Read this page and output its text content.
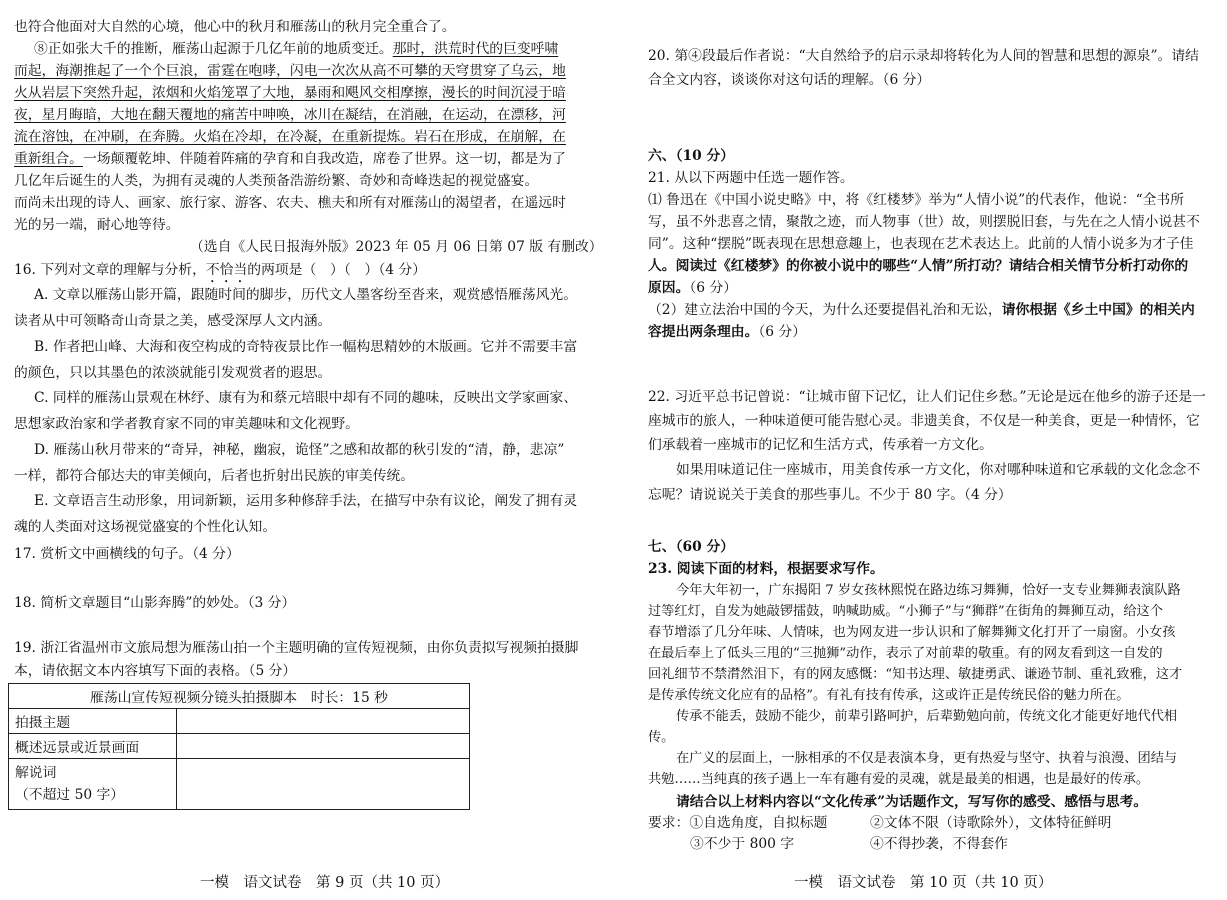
也符合他面对大自然的心境，他心中的秋月和雁荡山的秋月完全重合了。
⑧正如张大千的推断，雁荡山起源于几亿年前的地质变迁。那时，洪荒时代的巨变呼啸
而起，海潮推起了一个个巨浪，雷霆在咆哮，闪电一次次从高不可攀的天穹贯穿了乌云，地
火从岩层下突然升起，浓烟和火焰笼罩了大地，暴雨和飓风交相摩擦，漫长的时间沉浸于暗
夜，星月晦暗，大地在翻天覆地的痛苦中呻唤，冰川在凝结，在消融，在运动，在漂移，河
流在溶蚀，在冲刷，在奔腾。火焰在冷却，在冷凝，在重新提炼。岩石在形成，在崩解，在
重新组合。一场颠覆乾坤、伴随着阵痛的孕育和自我改造，席卷了世界。这一切，都是为了
几亿年后诞生的人类，为拥有灵魂的人类预备浩游纷繁、奇妙和奇峰迭起的视觉盛宴。
而尚未出现的诗人、画家、旅行家、游客、农夫、樵夫和所有对雁荡山的渴望者，在遥远时
光的另一端，耐心地等待。
（选自《人民日报海外版》2023 年 05 月 06 日第 07 版 有删改）
16. 下列对文章的理解与分析，不恰当的两项是（　）（　）（4 分）
A. 文章以雁荡山影开篇，跟随时间的脚步，历代文人墨客纷至沓来，观赏感悟雁荡风光。
读者从中可领略奇山奇景之美，感受深厚人文内涵。
B. 作者把山峰、大海和夜空构成的奇特夜景比作一幅构思精妙的木版画。它并不需要丰富
的颜色，只以其墨色的浓淡就能引发观赏者的遐思。
C. 同样的雁荡山景观在林纾、康有为和蔡元培眼中却有不同的趣味，反映出文学家画家、
思想家政治家和学者教育家不同的审美趣味和文化视野。
D. 雁荡山秋月带来的“奇异，神秘，幽寂，诡怪”之感和故都的秋引发的“清，静，悲凉”
一样，都符合郁达夫的审美倾向，后者也折射出民族的审美传统。
E. 文章语言生动形象，用词新颖，运用多种修辞手法，在描写中杂有议论，阐发了拥有灵
魂的人类面对这场视觉盛宴的个性化认知。
17. 赏析文中画横线的句子。（4 分）
18. 简析文章题目“山影奔腾”的妙处。（3 分）
19. 浙江省温州市文旅局想为雁荡山拍一个主题明确的宣传短视频，由你负责拟写视频拍摄脚
本，请依据文本内容填写下面的表格。（5 分）
雁荡山宣传短视频分镜头拍摄脚本　时长：15 秒	
拍摄主题	
概述远景或近景画面	

解说词
（不超过 50 字）	

一模　语文试卷　第 9 页（共 10 页）
20. 第④段最后作者说：“大自然给予的启示录却将转化为人间的智慧和思想的源泉”。请结
合全文内容，谈谈你对这句话的理解。（6 分）
六、（10 分）
21. 从以下两题中任选一题作答。
⑴ 鲁迅在《中国小说史略》中，将《红楼梦》举为“人情小说”的代表作，他说：“全书所
写，虽不外悲喜之情，聚散之迹，而人物事（世）故，则摆脱旧套，与先在之人情小说甚不
同”。这种“摆脱”既表现在思想意趣上，也表现在艺术表达上。此前的人情小说多为才子佳
人。阅读过《红楼梦》的你被小说中的哪些“人情”所打动？请结合相关情节分析打动你的
原因。（6 分）
（2）建立法治中国的今天，为什么还要提倡礼治和无讼，请你根据《乡土中国》的相关内
容提出两条理由。（6 分）
22. 习近平总书记曾说：“让城市留下记忆，让人们记住乡愁。”无论是远在他乡的游子还是一
座城市的旅人，一种味道便可能告慰心灵。非遗美食，不仅是一种美食，更是一种情怀，它
们承载着一座城市的记忆和生活方式，传承着一方文化。
如果用味道记住一座城市，用美食传承一方文化，你对哪种味道和它承载的文化念念不
忘呢？请说说关于美食的那些事儿。不少于 80 字。（4 分）
七、（60 分）
23. 阅读下面的材料，根据要求写作。
今年大年初一，广东揭阳 7 岁女孩林熙悦在路边练习舞狮，恰好一支专业舞狮表演队路
过等红灯，自发为她敲锣擂鼓，呐喊助威。“小狮子”与“狮群”在街角的舞狮互动，给这个
春节增添了几分年味、人情味，也为网友进一步认识和了解舞狮文化打开了一扇窗。小女孩
在最后奉上了低头三甩的“三抛狮”动作，表示了对前辈的敬重。有的网友看到这一自发的
回礼细节不禁潸然泪下，有的网友感慨：“知书达理、敏捷勇武、谦逊节制、重礼致雅，这才
是传承传统文化应有的品格”。有礼有技有传承，这或许正是传统民俗的魅力所在。
传承不能丢，鼓励不能少，前辈引路呵护，后辈勤勉向前，传统文化才能更好地代代相
传。
在广义的层面上，一脉相承的不仅是表演本身，更有热爱与坚守、执着与浪漫、团结与
共勉……当纯真的孩子遇上一车有趣有爱的灵魂，就是最美的相遇，也是最好的传承。
请结合以上材料内容以“文化传承”为话题作文，写写你的感受、感悟与思考。
要求：①自选角度，自拟标题	②文体不限（诗歌除外），文体特征鲜明
③不少于 800 字	④不得抄袭，不得套作
一模　语文试卷　第 10 页（共 10 页）
